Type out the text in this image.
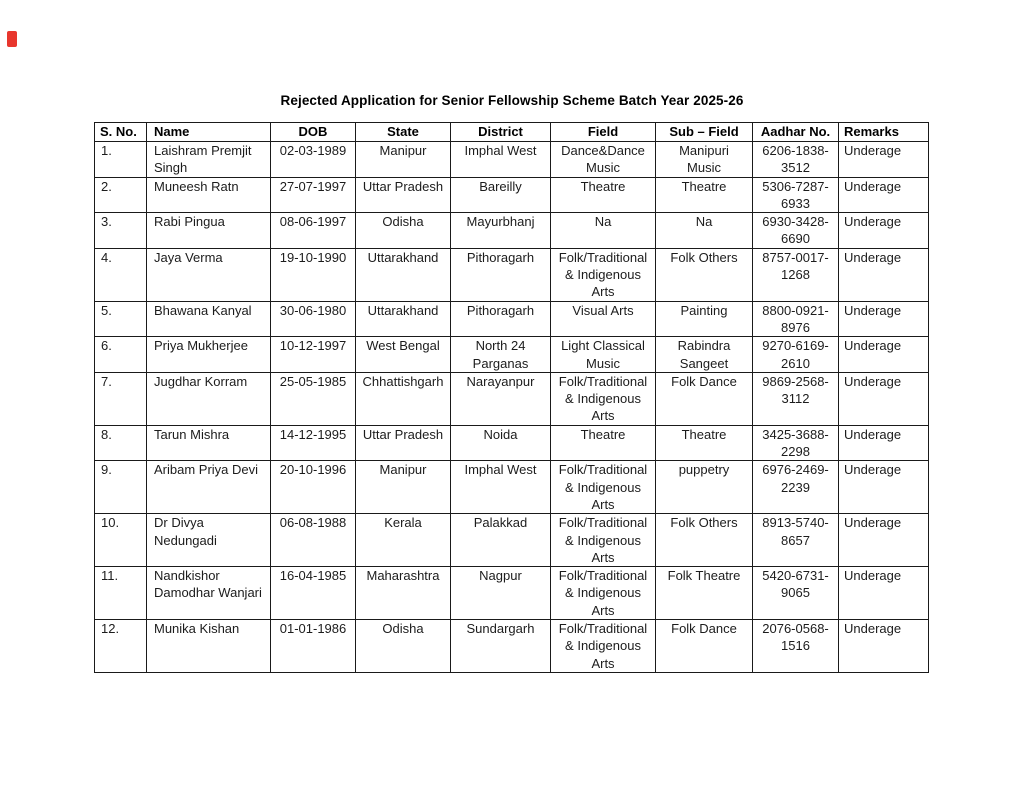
Rejected Application for Senior Fellowship Scheme Batch Year 2025-26
S. No.	Name	DOB	State	District	Field	Sub – Field	Aadhar No.	Remarks
1.	Laishram Premjit Singh	02-03-1989	Manipur	Imphal West	Dance&Dance Music	Manipuri Music	6206-1838-3512	Underage
2.	Muneesh Ratn	27-07-1997	Uttar Pradesh	Bareilly	Theatre	Theatre	5306-7287-6933	Underage
3.	Rabi Pingua	08-06-1997	Odisha	Mayurbhanj	Na	Na	6930-3428-6690	Underage
4.	Jaya Verma	19-10-1990	Uttarakhand	Pithoragarh	Folk/Traditional & Indigenous Arts	Folk Others	8757-0017-1268	Underage
5.	Bhawana Kanyal	30-06-1980	Uttarakhand	Pithoragarh	Visual Arts	Painting	8800-0921-8976	Underage
6.	Priya Mukherjee	10-12-1997	West Bengal	North 24 Parganas	Light Classical Music	Rabindra Sangeet	9270-6169-2610	Underage
7.	Jugdhar Korram	25-05-1985	Chhattishgarh	Narayanpur	Folk/Traditional & Indigenous Arts	Folk Dance	9869-2568-3112	Underage
8.	Tarun Mishra	14-12-1995	Uttar Pradesh	Noida	Theatre	Theatre	3425-3688-2298	Underage
9.	Aribam Priya Devi	20-10-1996	Manipur	Imphal West	Folk/Traditional & Indigenous Arts	puppetry	6976-2469-2239	Underage
10.	Dr Divya Nedungadi	06-08-1988	Kerala	Palakkad	Folk/Traditional & Indigenous Arts	Folk Others	8913-5740-8657	Underage
11.	Nandkishor Damodhar Wanjari	16-04-1985	Maharashtra	Nagpur	Folk/Traditional & Indigenous Arts	Folk Theatre	5420-6731-9065	Underage
12.	Munika Kishan	01-01-1986	Odisha	Sundargarh	Folk/Traditional & Indigenous Arts	Folk Dance	2076-0568-1516	Underage
